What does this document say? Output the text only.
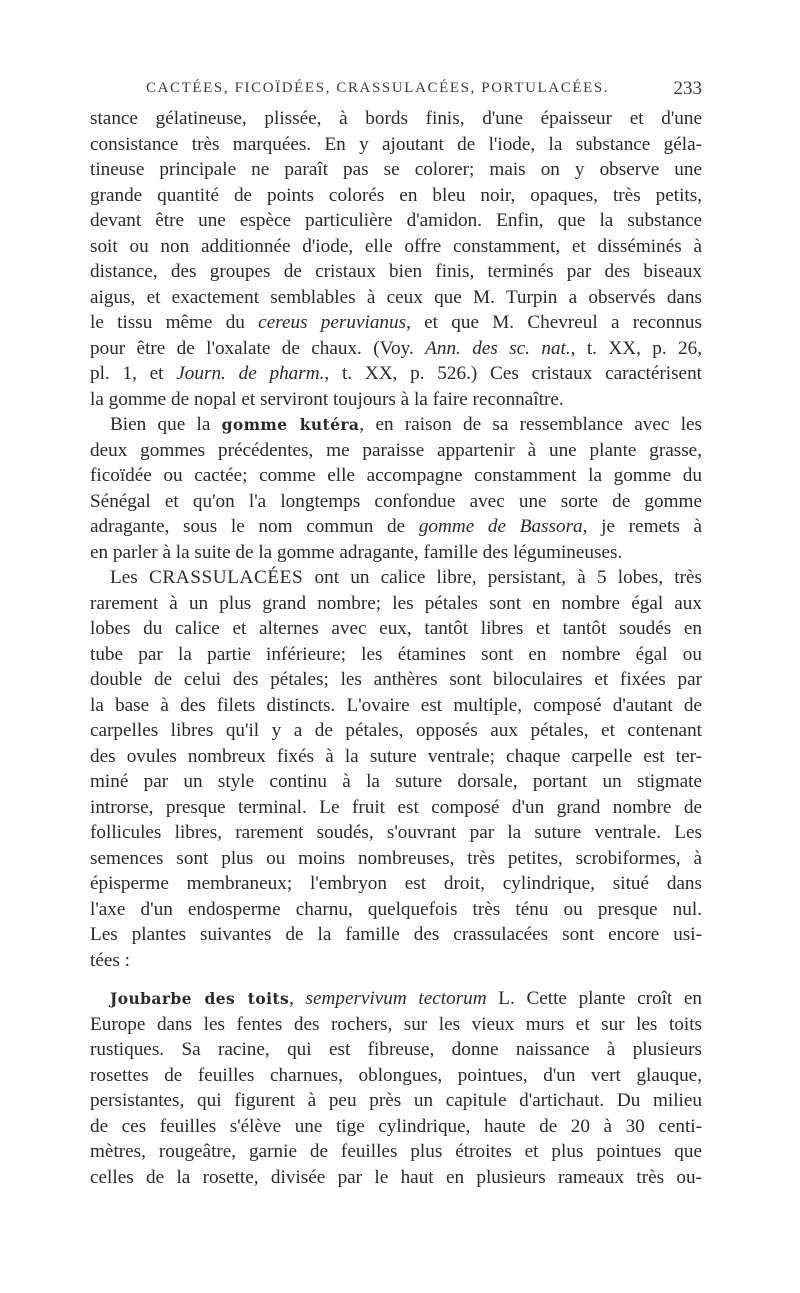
CACTÉES, FICOÏDÉES, CRASSULACÉES, PORTULACÉES.	233

stance gélatineuse, plissée, à bords finis, d'une épaisseur et d'une
consistance très marquées. En y ajoutant de l'iode, la substance géla-
tineuse principale ne paraît pas se colorer; mais on y observe une
grande quantité de points colorés en bleu noir, opaques, très petits,
devant être une espèce particulière d'amidon. Enfin, que la substance
soit ou non additionnée d'iode, elle offre constamment, et disséminés à
distance, des groupes de cristaux bien finis, terminés par des biseaux
aigus, et exactement semblables à ceux que M. Turpin a observés dans
le tissu même du cereus peruvianus, et que M. Chevreul a reconnus
pour être de l'oxalate de chaux. (Voy. Ann. des sc. nat., t. XX, p. 26,
pl. 1, et Journ. de pharm., t. XX, p. 526.) Ces cristaux caractérisent
la gomme de nopal et serviront toujours à la faire reconnaître.

Bien que la gomme kutéra, en raison de sa ressemblance avec les
deux gommes précédentes, me paraisse appartenir à une plante grasse,
ficoïdée ou cactée; comme elle accompagne constamment la gomme du
Sénégal et qu'on l'a longtemps confondue avec une sorte de gomme
adragante, sous le nom commun de gomme de Bassora, je remets à
en parler à la suite de la gomme adragante, famille des légumineuses.

Les CRASSULACÉES ont un calice libre, persistant, à 5 lobes, très
rarement à un plus grand nombre; les pétales sont en nombre égal aux
lobes du calice et alternes avec eux, tantôt libres et tantôt soudés en
tube par la partie inférieure; les étamines sont en nombre égal ou
double de celui des pétales; les anthères sont biloculaires et fixées par
la base à des filets distincts. L'ovaire est multiple, composé d'autant de
carpelles libres qu'il y a de pétales, opposés aux pétales, et contenant
des ovules nombreux fixés à la suture ventrale; chaque carpelle est ter-
miné par un style continu à la suture dorsale, portant un stigmate
introrse, presque terminal. Le fruit est composé d'un grand nombre de
follicules libres, rarement soudés, s'ouvrant par la suture ventrale. Les
semences sont plus ou moins nombreuses, très petites, scrobiformes, à
épisperme membraneux; l'embryon est droit, cylindrique, situé dans
l'axe d'un endosperme charnu, quelquefois très ténu ou presque nul.
Les plantes suivantes de la famille des crassulacées sont encore usi-
tées :

Joubarbe des toits, sempervivum tectorum L. Cette plante croît en
Europe dans les fentes des rochers, sur les vieux murs et sur les toits
rustiques. Sa racine, qui est fibreuse, donne naissance à plusieurs
rosettes de feuilles charnues, oblongues, pointues, d'un vert glauque,
persistantes, qui figurent à peu près un capitule d'artichaut. Du milieu
de ces feuilles s'élève une tige cylindrique, haute de 20 à 30 centi-
mètres, rougeâtre, garnie de feuilles plus étroites et plus pointues que
celles de la rosette, divisée par le haut en plusieurs rameaux très ou-
